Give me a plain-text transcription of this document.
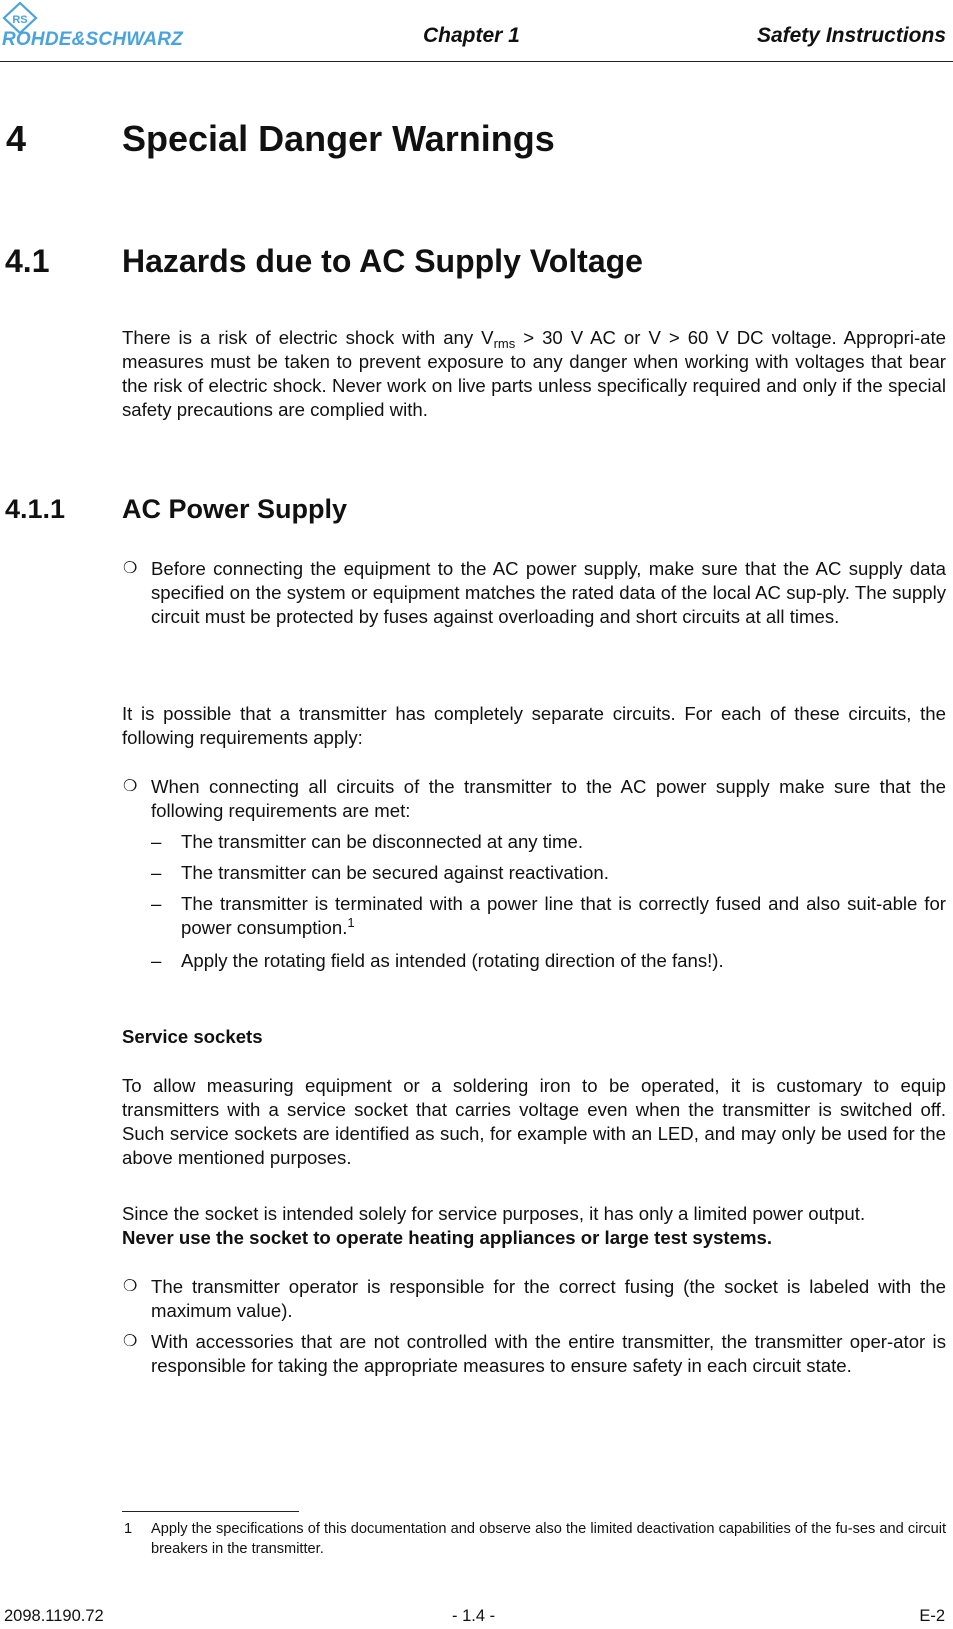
RS
ROHDE&SCHWARZ	Chapter 1	Safety Instructions
4	Special Danger Warnings
4.1 Hazards due to AC Supply Voltage
There is a risk of electric shock with any $V_{rms} > 30$ V AC or V > 60 V DC voltage. Appropri-ate measures must be taken to prevent exposure to any danger when working with voltages that bear the risk of electric shock. Never work on live parts unless specifically required and only if the special safety precautions are complied with.
4.1.1 AC Power Supply
❍ Before connecting the equipment to the AC power supply, make sure that the AC supply data specified on the system or equipment matches the rated data of the local AC sup-ply. The supply circuit must be protected by fuses against overloading and short circuits at all times.
It is possible that a transmitter has completely separate circuits. For each of these circuits, the following requirements apply:
❍ When connecting all circuits of the transmitter to the AC power supply make sure that the following requirements are met:
– The transmitter can be disconnected at any time.
– The transmitter can be secured against reactivation.
– The transmitter is terminated with a power line that is correctly fused and also suit-able for power consumption.$^1$
– Apply the rotating field as intended (rotating direction of the fans!).
Service sockets
To allow measuring equipment or a soldering iron to be operated, it is customary to equip transmitters with a service socket that carries voltage even when the transmitter is switched off. Such service sockets are identified as such, for example with an LED, and may only be used for the above mentioned purposes.
Since the socket is intended solely for service purposes, it has only a limited power output.
Never use the socket to operate heating appliances or large test systems.
❍ The transmitter operator is responsible for the correct fusing (the socket is labeled with the maximum value).
❍ With accessories that are not controlled with the entire transmitter, the transmitter oper-ator is responsible for taking the appropriate measures to ensure safety in each circuit state.
1 Apply the specifications of this documentation and observe also the limited deactivation capabilities of the fu-ses and circuit breakers in the transmitter.
2098.1190.72	- 1.4 -	E-2
